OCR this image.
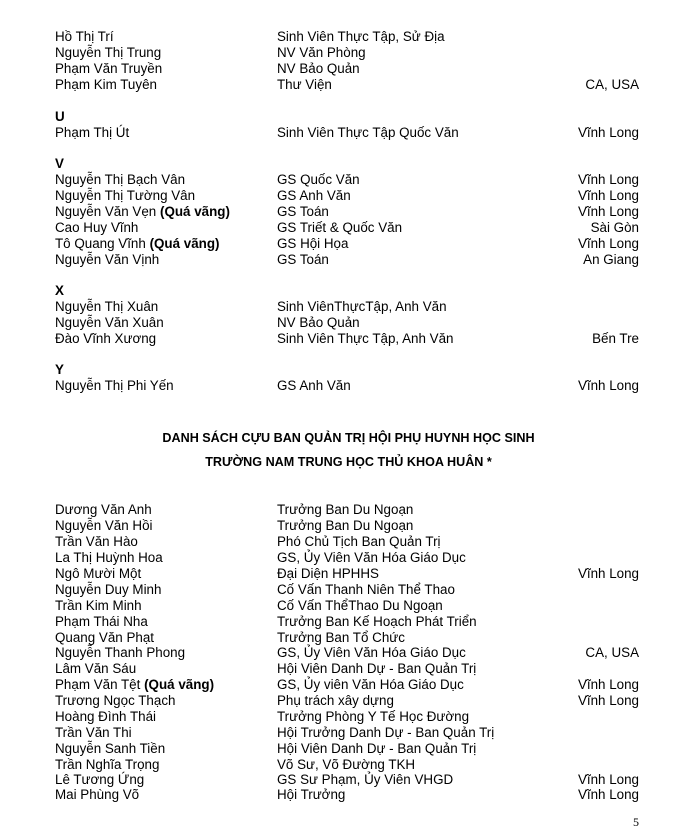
Hồ Thị Trí	Sinh Viên Thực Tập, Sử Địa
Nguyễn Thị Trung	NV Văn Phòng
Phạm Văn Truyền	NV Bảo Quản
Phạm Kim Tuyên	Thư Viện	CA, USA
U
Phạm Thị Út	Sinh Viên Thực Tập Quốc Văn	Vĩnh Long
V
Nguyễn Thị Bạch Vân	GS Quốc Văn	Vĩnh Long
Nguyễn Thị Tường Vân	GS Anh Văn	Vĩnh Long
Nguyễn Văn Vẹn (Quá vãng)	GS Toán	Vĩnh Long
Cao Huy Vĩnh	GS Triết & Quốc Văn	Sài Gòn
Tô Quang Vĩnh (Quá vãng)	GS Hội Họa	Vĩnh Long
Nguyễn Văn Vịnh	GS Toán	An Giang
X
Nguyễn Thị Xuân	Sinh ViênThựcTập, Anh Văn
Nguyễn Văn Xuân	NV Bảo Quản
Đào Vĩnh Xương	Sinh Viên Thực Tập, Anh Văn	Bến Tre
Y
Nguyễn Thị Phi Yến	GS Anh Văn	Vĩnh Long
DANH SÁCH CỰU BAN QUẢN TRỊ HỘI PHỤ HUYNH HỌC SINH
TRƯỜNG NAM TRUNG HỌC THỦ KHOA HUÂN *
Dương Văn Anh	Trưởng Ban Du Ngoạn
Nguyễn Văn Hồi	Trưởng Ban Du Ngoạn
Trần Văn Hào	Phó Chủ Tịch Ban Quản Trị
La Thị Huỳnh Hoa	GS, Ủy Viên Văn Hóa Giáo Dục
Ngô Mười Một	Đại Diện HPHHS	Vĩnh Long
Nguyễn Duy Minh	Cố Vấn Thanh Niên Thể Thao
Trần Kim Minh	Cố Vấn ThểThao Du Ngoạn
Phạm Thái Nha	Trưởng Ban Kế Hoạch Phát Triển
Quang Văn Phạt	Trưởng Ban Tổ Chức
Nguyễn Thanh Phong	GS, Ủy Viên Văn Hóa Giáo Dục	CA, USA
Lâm Văn Sáu	Hội Viên Danh Dự - Ban Quản Trị
Phạm Văn Tệt (Quá vãng)	GS, Ủy viên Văn Hóa Giáo Dục	Vĩnh Long
Trương Ngọc Thạch	Phụ trách xây dựng	Vĩnh Long
Hoàng Đình Thái	Trưởng Phòng Y Tế Học Đường
Trần Văn Thi	Hội Trưởng Danh Dự - Ban Quản Trị
Nguyễn Sanh Tiền	Hội Viên Danh Dự - Ban Quản Trị
Trần Nghĩa Trọng	Võ Sư, Võ Đường TKH
Lê Tương Ứng	GS Sư Phạm, Ủy Viên VHGD	Vĩnh Long
Mai Phùng Võ	Hội Trưởng	Vĩnh Long
5
